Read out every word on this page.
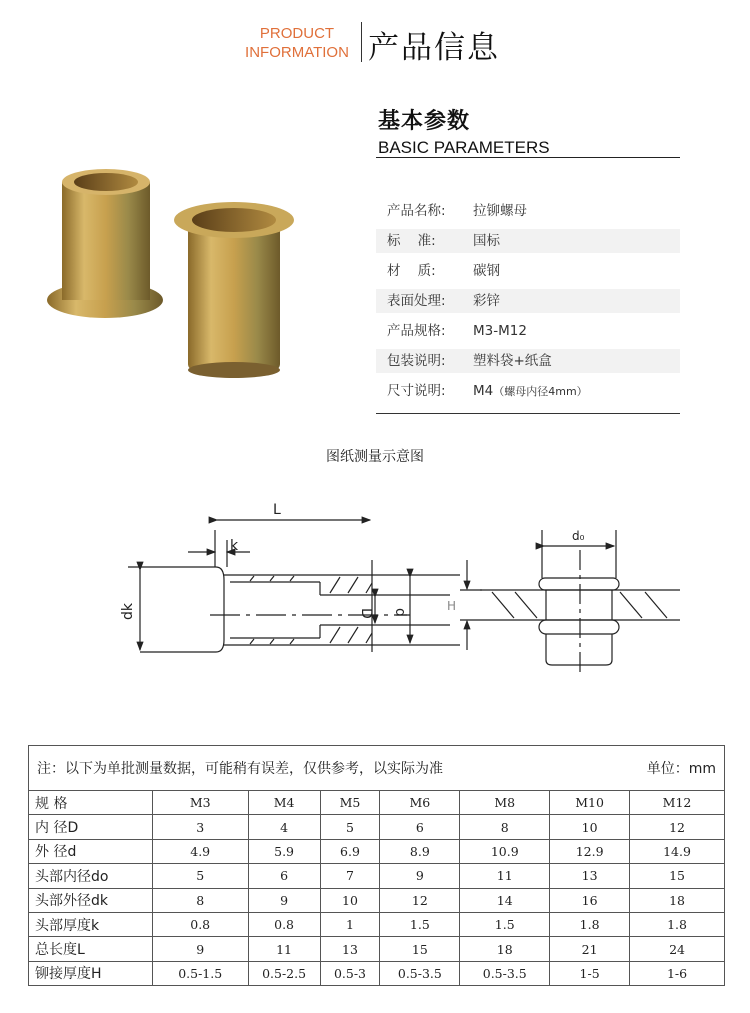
PRODUCT
INFORMATION 产品信息
基本参数
BASIC PARAMETERS
产品名称:	拉铆螺母
标    准:	国标
材    质:	碳钢
表面处理:	彩锌
产品规格:	M3-M12
包装说明:	塑料袋+纸盒
尺寸说明:	M4（螺母内径4mm）
图纸测量示意图
L
k
dk	D d
d₀
H
注：以下为单批测量数据，可能稍有误差，仅供参考，以实际为准 单位：mm							

规 格	M3	M4	M5	M6	M8	M10	M12
内 径D	3	4	5	6	8	10	12
外 径d	4.9	5.9	6.9	8.9	10.9	12.9	14.9
头部内径do	5	6	7	9	11	13	15
头部外径dk	8	9	10	12	14	16	18
头部厚度k	0.8	0.8	1	1.5	1.5	1.8	1.8
总长度L	9	11	13	15	18	21	24
铆接厚度H	0.5-1.5	0.5-2.5	0.5-3	0.5-3.5	0.5-3.5	1-5	1-6
